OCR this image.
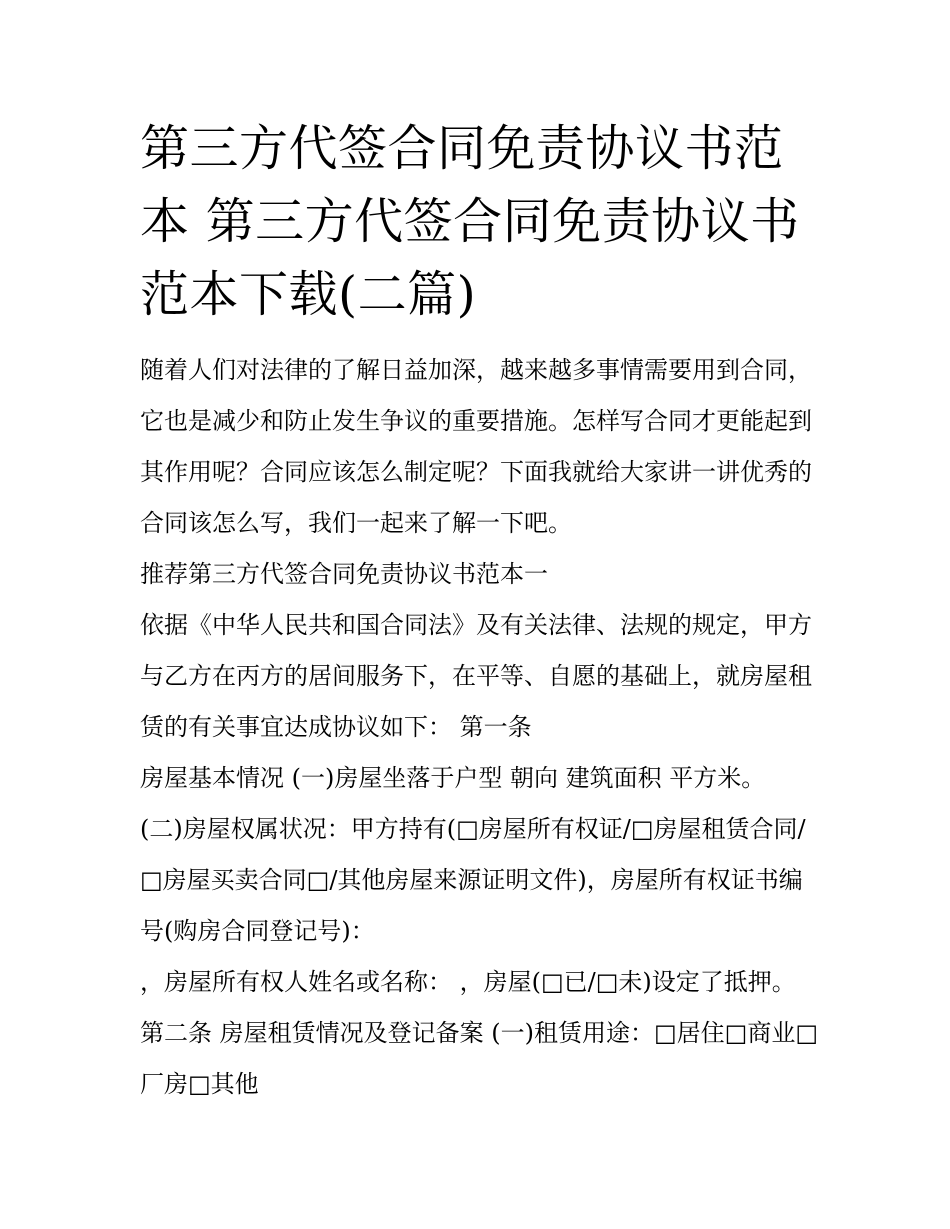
第三方代签合同免责协议书范本 第三方代签合同免责协议书范本下载(二篇)

随着人们对法律的了解日益加深，越来越多事情需要用到合同，它也是减少和防止发生争议的重要措施。怎样写合同才更能起到其作用呢？合同应该怎么制定呢？下面我就给大家讲一讲优秀的合同该怎么写，我们一起来了解一下吧。

推荐第三方代签合同免责协议书范本一

依据《中华人民共和国合同法》及有关法律、法规的规定，甲方与乙方在丙方的居间服务下，在平等、自愿的基础上，就房屋租赁的有关事宜达成协议如下： 第一条

房屋基本情况 (一)房屋坐落于户型 朝向 建筑面积 平方米。

(二)房屋权属状况：甲方持有(□房屋所有权证/□房屋租赁合同/□房屋买卖合同□/其他房屋来源证明文件)，房屋所有权证书编号(购房合同登记号)：

，房屋所有权人姓名或名称： ，房屋(□已/□未)设定了抵押。 第二条 房屋租赁情况及登记备案 (一)租赁用途：□居住□商业□厂房□其他
